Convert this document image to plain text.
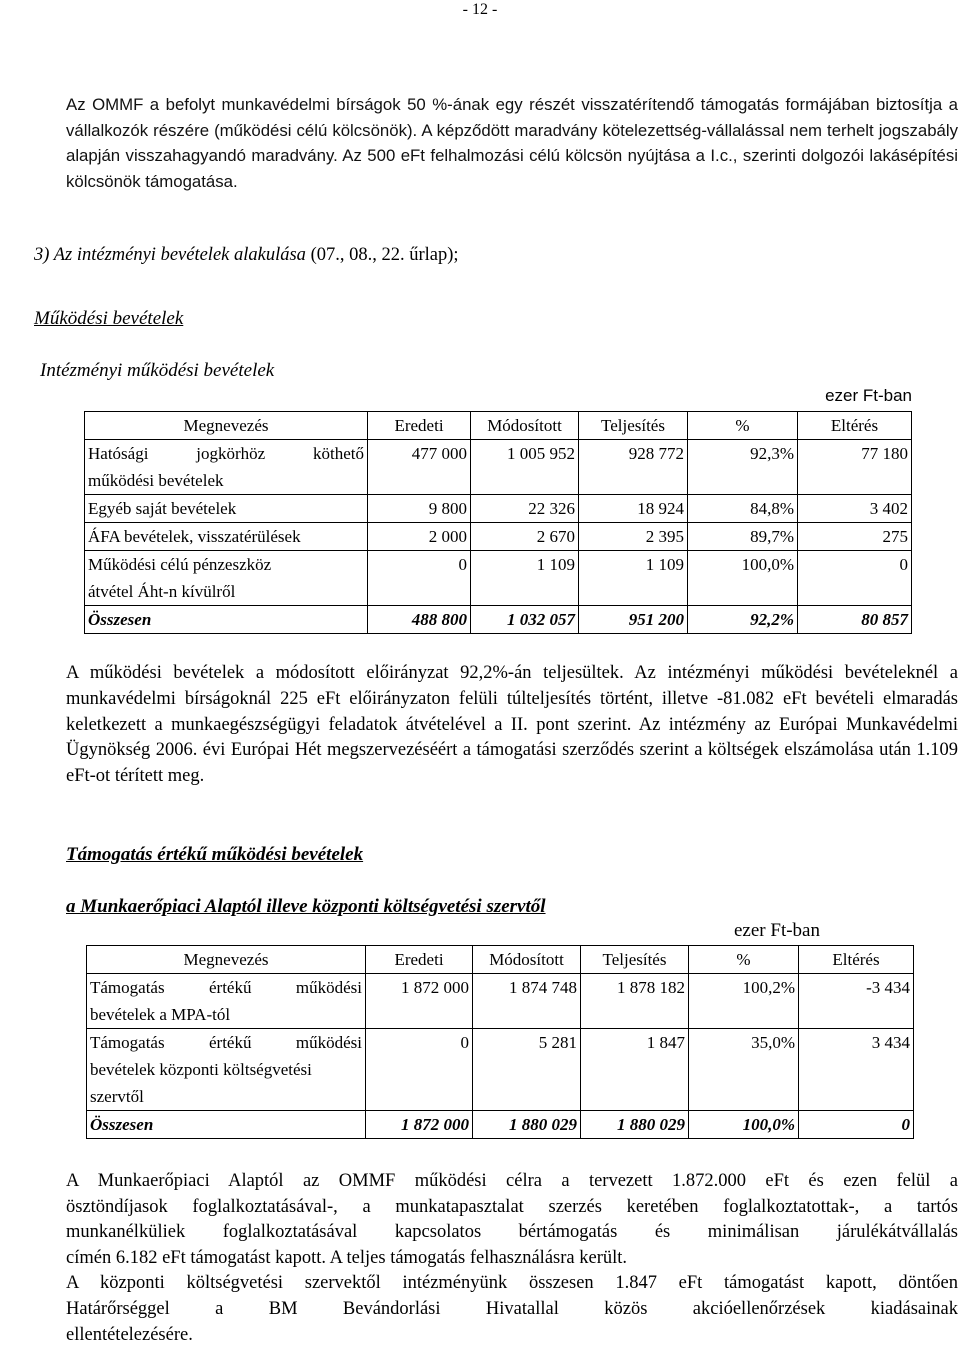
- 12 -
Az OMMF a befolyt munkavédelmi bírságok 50 %-ának egy részét visszatérítendő támogatás formájában biztosítja a vállalkozók részére (működési célú kölcsönök). A képződött maradvány kötelezettség-vállalással nem terhelt jogszabály alapján visszahagyandó maradvány. Az 500 eFt felhalmozási célú kölcsön nyújtása a I.c., szerinti dolgozói lakásépítési kölcsönök támogatása.
3) Az intézményi bevételek alakulása (07., 08., 22. űrlap);
Működési bevételek
Intézményi működési bevételek
ezer Ft-ban
Megnevezés	Eredeti	Módosított	Teljesítés	%	Eltérés
Hatósági jogkörhöz köthető	477 000	1 005 952	928 772	92,3%	77 180
működési bevételek					
Egyéb saját bevételek	9 800	22 326	18 924	84,8%	3 402
ÁFA bevételek, visszatérülések	2 000	2 670	2 395	89,7%	275
Működési célú pénzeszköz	0	1 109	1 109	100,0%	0
átvétel Áht-n kívülről					
Összesen	488 800	1 032 057	951 200	92,2%	80 857
A működési bevételek a módosított előirányzat 92,2%-án teljesültek. Az intézményi működési bevételeknél a munkavédelmi bírságoknál 225 eFt előirányzaton felüli túlteljesítés történt, illetve -81.082 eFt bevételi elmaradás keletkezett a munkaegészségügyi feladatok átvételével a II. pont szerint. Az intézmény az Európai Munkavédelmi Ügynökség 2006. évi Európai Hét megszervezéséért a támogatási szerződés szerint a költségek elszámolása után 1.109 eFt-ot térített meg.
Támogatás értékű működési bevételek
a Munkaerőpiaci Alaptól illeve központi költségvetési szervtől
ezer Ft-ban
Megnevezés	Eredeti	Módosított	Teljesítés	%	Eltérés
Támogatás értékű működési	1 872 000	1 874 748	1 878 182	100,2%	-3 434
bevételek a MPA-tól					
Támogatás értékű működési	0	5 281	1 847	35,0%	3 434
bevételek központi költségvetési					
szervtől					
Összesen	1 872 000	1 880 029	1 880 029	100,0%	0
A Munkaerőpiaci Alaptól az OMMF működési célra a tervezett 1.872.000 eFt és ezen felül a
ösztöndíjasok foglalkoztatásával-, a munkatapasztalat szerzés keretében foglalkoztatottak-, a tartós
munkanélküliek foglalkoztatásával kapcsolatos bértámogatás és minimálisan járulékátvállalás
címén 6.182 eFt támogatást kapott. A teljes támogatás felhasználásra került.
A központi költségvetési szervektől intézményünk összesen 1.847 eFt támogatást kapott, döntően
Határőrséggel a BM Bevándorlási Hivatallal közös akcióellenőrzések kiadásainak
ellentételezésére.
